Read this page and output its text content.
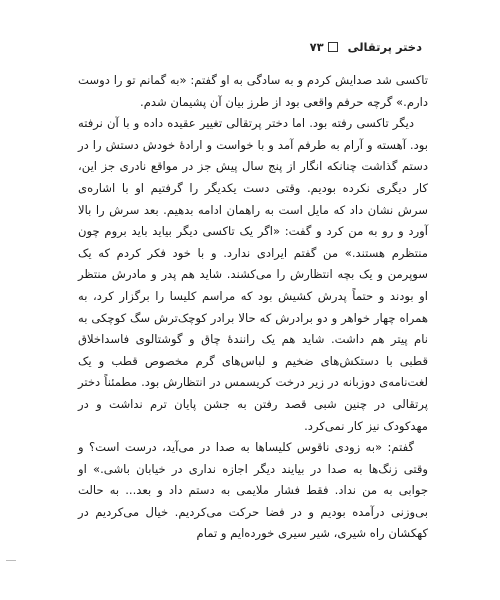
دختر پرتقالی
۷۳

تاکسی شد صدایش کردم و به سادگی به او گفتم: «به گمانم تو را دوست دارم.» گرچه حرفم واقعی بود از طرز بیان آن پشیمان شدم.

دیگر تاکسی رفته بود. اما دختر پرتقالی تغییر عقیده داده و با آن نرفته بود. آهسته و آرام به طرفم آمد و با خواست و ارادهٔ خودش دستش را در دستم گذاشت چنانکه انگار از پنج سال پیش جز در مواقع نادری جز این، کار دیگری نکرده بودیم. وقتی دست یکدیگر را گرفتیم او با اشاره‌ی سرش نشان داد که مایل است به راهمان ادامه بدهیم. بعد سرش را بالا آورد و رو به من کرد و گفت: «اگر یک تاکسی دیگر بیاید باید بروم چون منتظرم هستند.» من گفتم ایرادی ندارد. و با خود فکر کردم که یک سوپرمن و یک بچه انتظارش را می‌کشند. شاید هم پدر و مادرش منتظر او بودند و حتماً پدرش کشیش بود که مراسم کلیسا را برگزار کرد، به همراه چهار خواهر و دو برادرش که حالا برادر کوچک‌ترش سگ کوچکی به نام پیتر هم داشت. شاید هم یک رانندهٔ چاق و گوشتالوی فاسداخلاق قطبی با دستکش‌های ضخیم و لباس‌های گرم مخصوص قطب و یک لغت‌نامه‌ی دوزبانه در زیر درخت کریسمس در انتظارش بود. مطمئناً دختر پرتقالی در چنین شبی قصد رفتن به جشن پایان ترم نداشت و در مهدکودک نیز کار نمی‌کرد.

گفتم: «به زودی ناقوس کلیساها به صدا در می‌آید، درست است؟ و وقتی زنگ‌ها به صدا در بیایند دیگر اجازه نداری در خیابان باشی.» او جوابی به من نداد. فقط فشار ملایمی به دستم داد و بعد... به حالت بی‌وزنی درآمده بودیم و در فضا حرکت می‌کردیم. خیال می‌کردیم در کهکشان راه شیری، شیر سیری خورده‌ایم و تمام
